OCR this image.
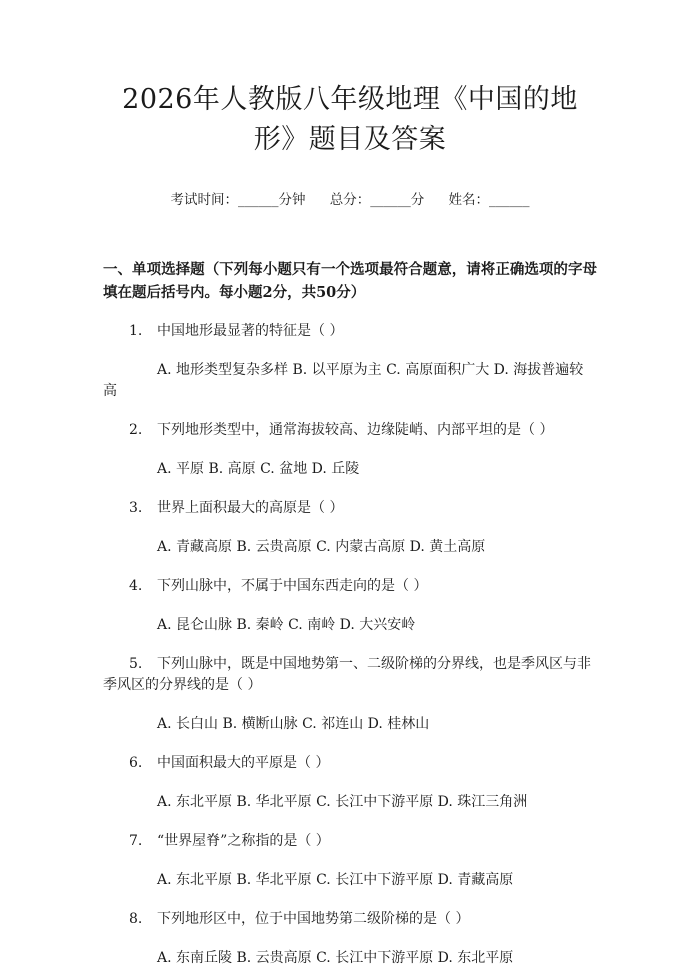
2026年人教版八年级地理《中国的地形》题目及答案
考试时间：______分钟 总分：______分 姓名：______
一、单项选择题（下列每小题只有一个选项最符合题意，请将正确选项的字母填在题后括号内。每小题2分，共50分）
1. 中国地形最显著的特征是（ ）
A. 地形类型复杂多样 B. 以平原为主 C. 高原面积广大 D. 海拔普遍较高
2. 下列地形类型中，通常海拔较高、边缘陡峭、内部平坦的是（ ）
A. 平原 B. 高原 C. 盆地 D. 丘陵
3. 世界上面积最大的高原是（ ）
A. 青藏高原 B. 云贵高原 C. 内蒙古高原 D. 黄土高原
4. 下列山脉中，不属于中国东西走向的是（ ）
A. 昆仑山脉 B. 秦岭 C. 南岭 D. 大兴安岭
5. 下列山脉中，既是中国地势第一、二级阶梯的分界线，也是季风区与非季风区的分界线的是（ ）
A. 长白山 B. 横断山脉 C. 祁连山 D. 桂林山
6. 中国面积最大的平原是（ ）
A. 东北平原 B. 华北平原 C. 长江中下游平原 D. 珠江三角洲
7. “世界屋脊”之称指的是（ ）
A. 东北平原 B. 华北平原 C. 长江中下游平原 D. 青藏高原
8. 下列地形区中，位于中国地势第二级阶梯的是（ ）
A. 东南丘陵 B. 云贵高原 C. 长江中下游平原 D. 东北平原
